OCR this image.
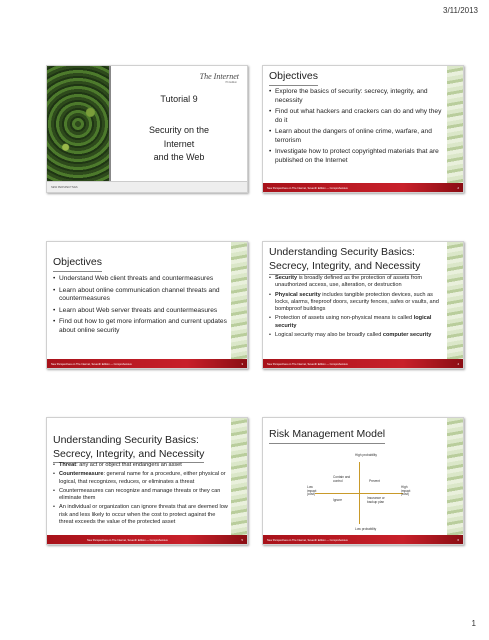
3/11/2013
The Internet
7th Edition
Tutorial 9
Security on the
Internet
and the Web
NEW PERSPECTIVES
Objectives
• Explore the basics of security: secrecy, integrity, and necessity
• Find out what hackers and crackers can do and why they do it
• Learn about the dangers of online crime, warfare, and terrorism
• Investigate how to protect copyrighted materials that are published on the Internet
New Perspectives on The Internet, Seventh Edition — Comprehensive	2
Objectives
• Understand Web client threats and countermeasures
• Learn about online communication channel threats and countermeasures
• Learn about Web server threats and countermeasures
• Find out how to get more information and current updates about online security
New Perspectives on The Internet, Seventh Edition — Comprehensive	3
Understanding Security Basics:
Secrecy, Integrity, and Necessity
• Security is broadly defined as the protection of assets from unauthorized access, use, alteration, or destruction
• Physical security includes tangible protection devices, such as locks, alarms, fireproof doors, security fences, safes or vaults, and bombproof buildings
• Protection of assets using non-physical means is called logical security
• Logical security may also be broadly called computer security
New Perspectives on The Internet, Seventh Edition — Comprehensive	4
Understanding Security Basics:
Secrecy, Integrity, and Necessity
• Threat: any act or object that endangers an asset
• Countermeasure: general name for a procedure, either physical or logical, that recognizes, reduces, or eliminates a threat
• Countermeasures can recognize and manage threats or they can eliminate them
• An individual or organization can ignore threats that are deemed low risk and less likely to occur when the cost to protect against the threat exceeds the value of the protected asset
New Perspectives on The Internet, Seventh Edition — Comprehensive	5
Risk Management Model
High probability
Low probability
Low impact (cost)
High impact (cost)
Contain and control	Prevent
Ignore	Insurance or backup plan
New Perspectives on The Internet, Seventh Edition — Comprehensive	6
1
